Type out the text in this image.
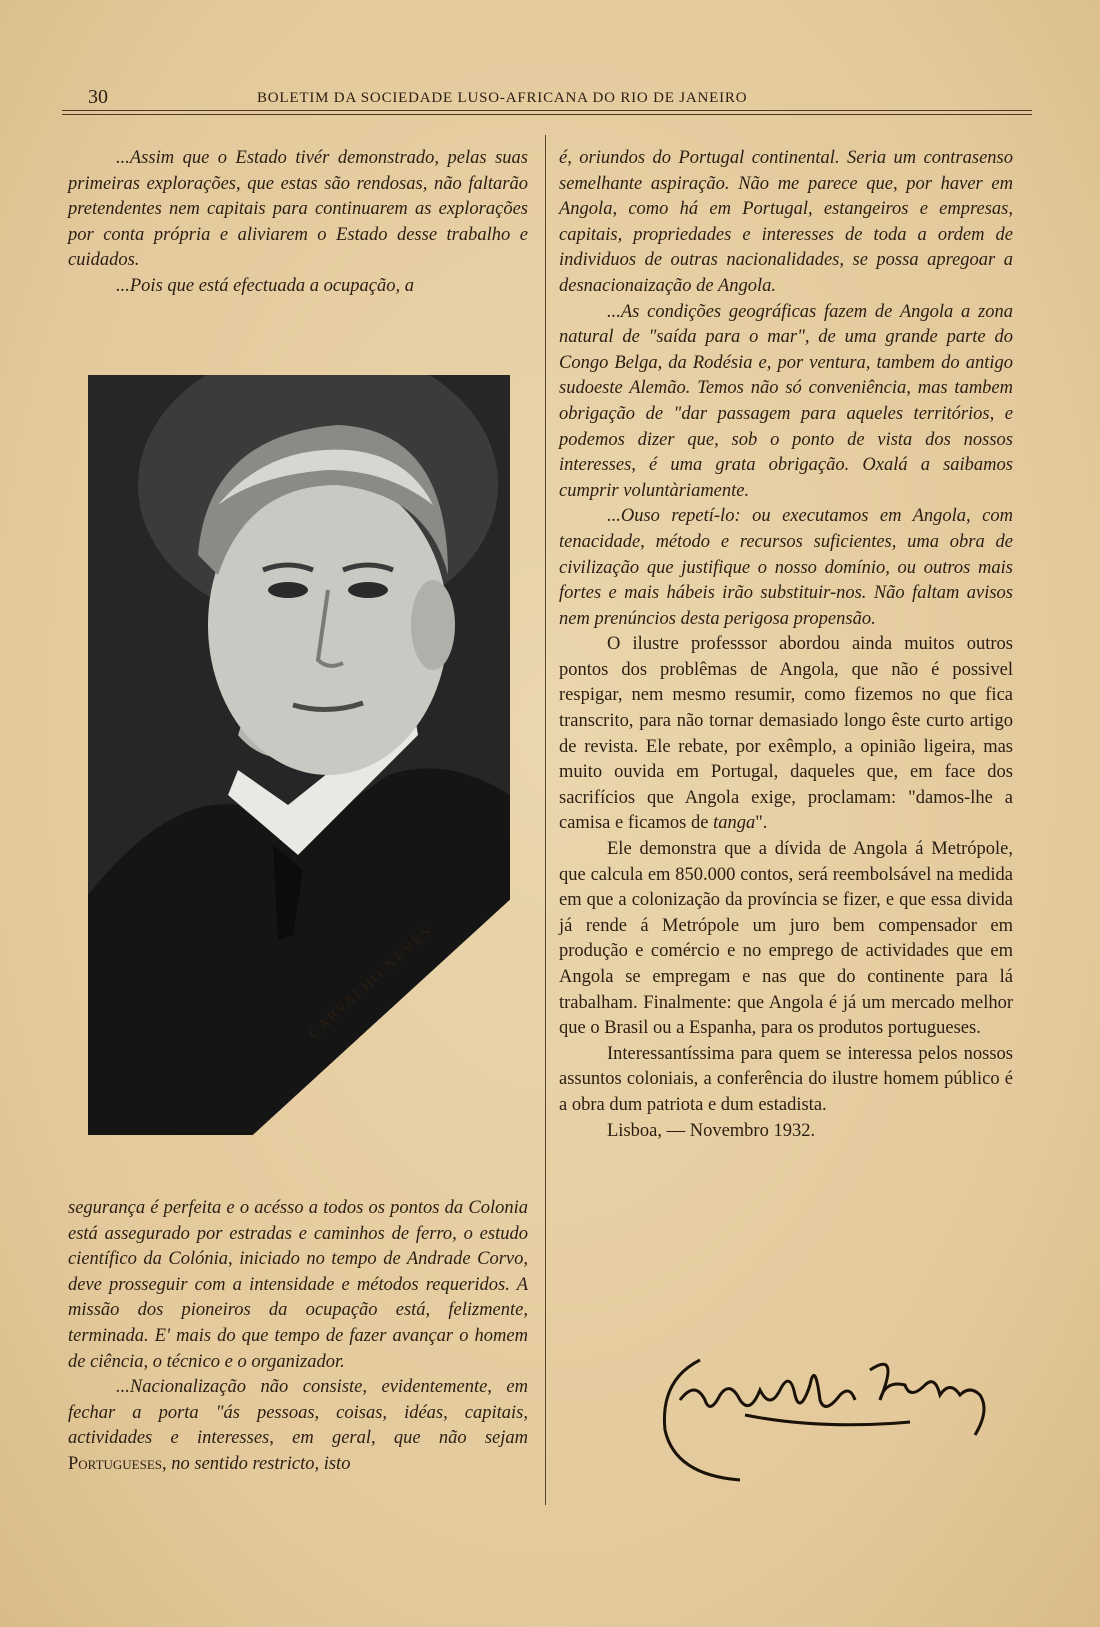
30	BOLETIM DA SOCIEDADE LUSO-AFRICANA DO RIO DE JANEIRO

...Assim que o Estado tivér demonstrado, pelas suas primeiras explorações, que estas são rendosas, não faltarão pretendentes nem capitais para continuarem as explorações por conta própria e aliviarem o Estado desse trabalho e cuidados.

...Pois que está efectuada a ocupação, a

CARVALHO NEVES

segurança é perfeita e o acésso a todos os pontos da Colonia está assegurado por estradas e caminhos de ferro, o estudo científico da Colónia, iniciado no tempo de Andrade Corvo, deve prosseguir com a intensidade e métodos requeridos. A missão dos pioneiros da ocupação está, felizmente, terminada. E' mais do que tempo de fazer avançar o homem de ciência, o técnico e o organizador.

...Nacionalização não consiste, evidentemente, em fechar a porta "ás pessoas, coisas, idéas, capitais, actividades e interesses, em geral, que não sejam Portugueses, no sentido restricto, isto

é, oriundos do Portugal continental. Seria um contrasenso semelhante aspiração. Não me parece que, por haver em Angola, como há em Portugal, estangeiros e empresas, capitais, propriedades e interesses de toda a ordem de individuos de outras nacionalidades, se possa apregoar a desnacionaização de Angola.

...As condições geográficas fazem de Angola a zona natural de "saída para o mar", de uma grande parte do Congo Belga, da Rodésia e, por ventura, tambem do antigo sudoeste Alemão. Temos não só conveniência, mas tambem obrigação de "dar passagem para aqueles territórios, e podemos dizer que, sob o ponto de vista dos nossos interesses, é uma grata obrigação. Oxalá a saibamos cumprir voluntàriamente.

...Ouso repetí-lo: ou executamos em Angola, com tenacidade, método e recursos suficientes, uma obra de civilização que justifique o nosso domínio, ou outros mais fortes e mais hábeis irão substituir-nos. Não faltam avisos nem prenúncios desta perigosa propensão.

O ilustre professsor abordou ainda muitos outros pontos dos problêmas de Angola, que não é possivel respigar, nem mesmo resumir, como fizemos no que fica transcrito, para não tornar demasiado longo êste curto artigo de revista. Ele rebate, por exêmplo, a opinião ligeira, mas muito ouvida em Portugal, daqueles que, em face dos sacrifícios que Angola exige, proclamam: "damos-lhe a camisa e ficamos de tanga".

Ele demonstra que a dívida de Angola á Metrópole, que calcula em 850.000 contos, será reembolsável na medida em que a colonização da província se fizer, e que essa divida já rende á Metrópole um juro bem compensador em produção e comércio e no emprego de actividades que em Angola se empregam e nas que do continente para lá trabalham. Finalmente: que Angola é já um mercado melhor que o Brasil ou a Espanha, para os produtos portugueses.

Interessantíssima para quem se interessa pelos nossos assuntos coloniais, a conferência do ilustre homem público é a obra dum patriota e dum estadista.

Lisboa, — Novembro 1932.
